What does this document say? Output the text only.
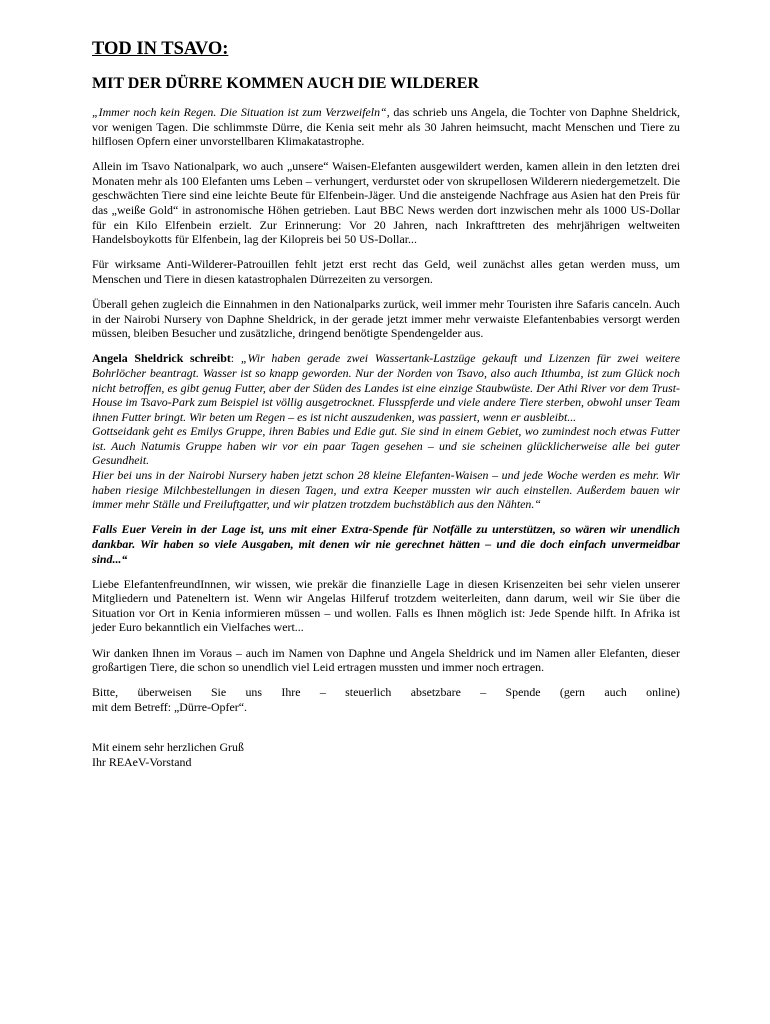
TOD IN TSAVO:
MIT DER DÜRRE KOMMEN AUCH DIE WILDERER

„Immer noch kein Regen. Die Situation ist zum Verzweifeln“, das schrieb uns Angela, die Tochter von Daphne Sheldrick, vor wenigen Tagen. Die schlimmste Dürre, die Kenia seit mehr als 30 Jahren heimsucht, macht Menschen und Tiere zu hilflosen Opfern einer unvorstellbaren Klimakatastrophe.

Allein im Tsavo Nationalpark, wo auch „unsere“ Waisen-Elefanten ausgewildert werden, kamen allein in den letzten drei Monaten mehr als 100 Elefanten ums Leben – verhungert, verdurstet oder von skrupellosen Wilderern niedergemetzelt. Die geschwächten Tiere sind eine leichte Beute für Elfenbein-Jäger. Und die ansteigende Nachfrage aus Asien hat den Preis für das „weiße Gold“ in astronomische Höhen getrieben. Laut BBC News werden dort inzwischen mehr als 1000 US-Dollar für ein Kilo Elfenbein erzielt. Zur Erinnerung: Vor 20 Jahren, nach Inkrafttreten des mehrjährigen weltweiten Handelsboykotts für Elfenbein, lag der Kilopreis bei 50 US-Dollar...

Für wirksame Anti-Wilderer-Patrouillen fehlt jetzt erst recht das Geld, weil zunächst alles getan werden muss, um Menschen und Tiere in diesen katastrophalen Dürrezeiten zu versorgen.

Überall gehen zugleich die Einnahmen in den Nationalparks zurück, weil immer mehr Touristen ihre Safaris canceln. Auch in der Nairobi Nursery von Daphne Sheldrick, in der gerade jetzt immer mehr verwaiste Elefantenbabies versorgt werden müssen, bleiben Besucher und zusätzliche, dringend benötigte Spendengelder aus.

Angela Sheldrick schreibt: „Wir haben gerade zwei Wassertank-Lastzüge gekauft und Lizenzen für zwei weitere Bohrlöcher beantragt. Wasser ist so knapp geworden. Nur der Norden von Tsavo, also auch Ithumba, ist zum Glück noch nicht betroffen, es gibt genug Futter, aber der Süden des Landes ist eine einzige Staubwüste. Der Athi River vor dem Trust-House im Tsavo-Park zum Beispiel ist völlig ausgetrocknet. Flusspferde und viele andere Tiere sterben, obwohl unser Team ihnen Futter bringt. Wir beten um Regen – es ist nicht auszudenken, was passiert, wenn er ausbleibt...

Gottseidank geht es Emilys Gruppe, ihren Babies und Edie gut. Sie sind in einem Gebiet, wo zumindest noch etwas Futter ist. Auch Natumis Gruppe haben wir vor ein paar Tagen gesehen – und sie scheinen glücklicherweise alle bei guter Gesundheit.

Hier bei uns in der Nairobi Nursery haben jetzt schon 28 kleine Elefanten-Waisen – und jede Woche werden es mehr. Wir haben riesige Milchbestellungen in diesen Tagen, und extra Keeper mussten wir auch einstellen. Außerdem bauen wir immer mehr Ställe und Freiluftgatter, und wir platzen trotzdem buchstäblich aus den Nähten.“

Falls Euer Verein in der Lage ist, uns mit einer Extra-Spende für Notfälle zu unterstützen, so wären wir unendlich dankbar. Wir haben so viele Ausgaben, mit denen wir nie gerechnet hätten – und die doch einfach unvermeidbar sind...“

Liebe ElefantenfreundInnen, wir wissen, wie prekär die finanzielle Lage in diesen Krisenzeiten bei sehr vielen unserer Mitgliedern und Pateneltern ist. Wenn wir Angelas Hilferuf trotzdem weiterleiten, dann darum, weil wir Sie über die Situation vor Ort in Kenia informieren müssen – und wollen. Falls es Ihnen möglich ist: Jede Spende hilft. In Afrika ist jeder Euro bekanntlich ein Vielfaches wert...

Wir danken Ihnen im Voraus – auch im Namen von Daphne und Angela Sheldrick und im Namen aller Elefanten, dieser großartigen Tiere, die schon so unendlich viel Leid ertragen mussten und immer noch ertragen.

Bitte, überweisen Sie uns Ihre – steuerlich absetzbare – Spende (gern auch online)

mit dem Betreff: „Dürre-Opfer“.

Mit einem sehr herzlichen Gruß

Ihr REAeV-Vorstand
